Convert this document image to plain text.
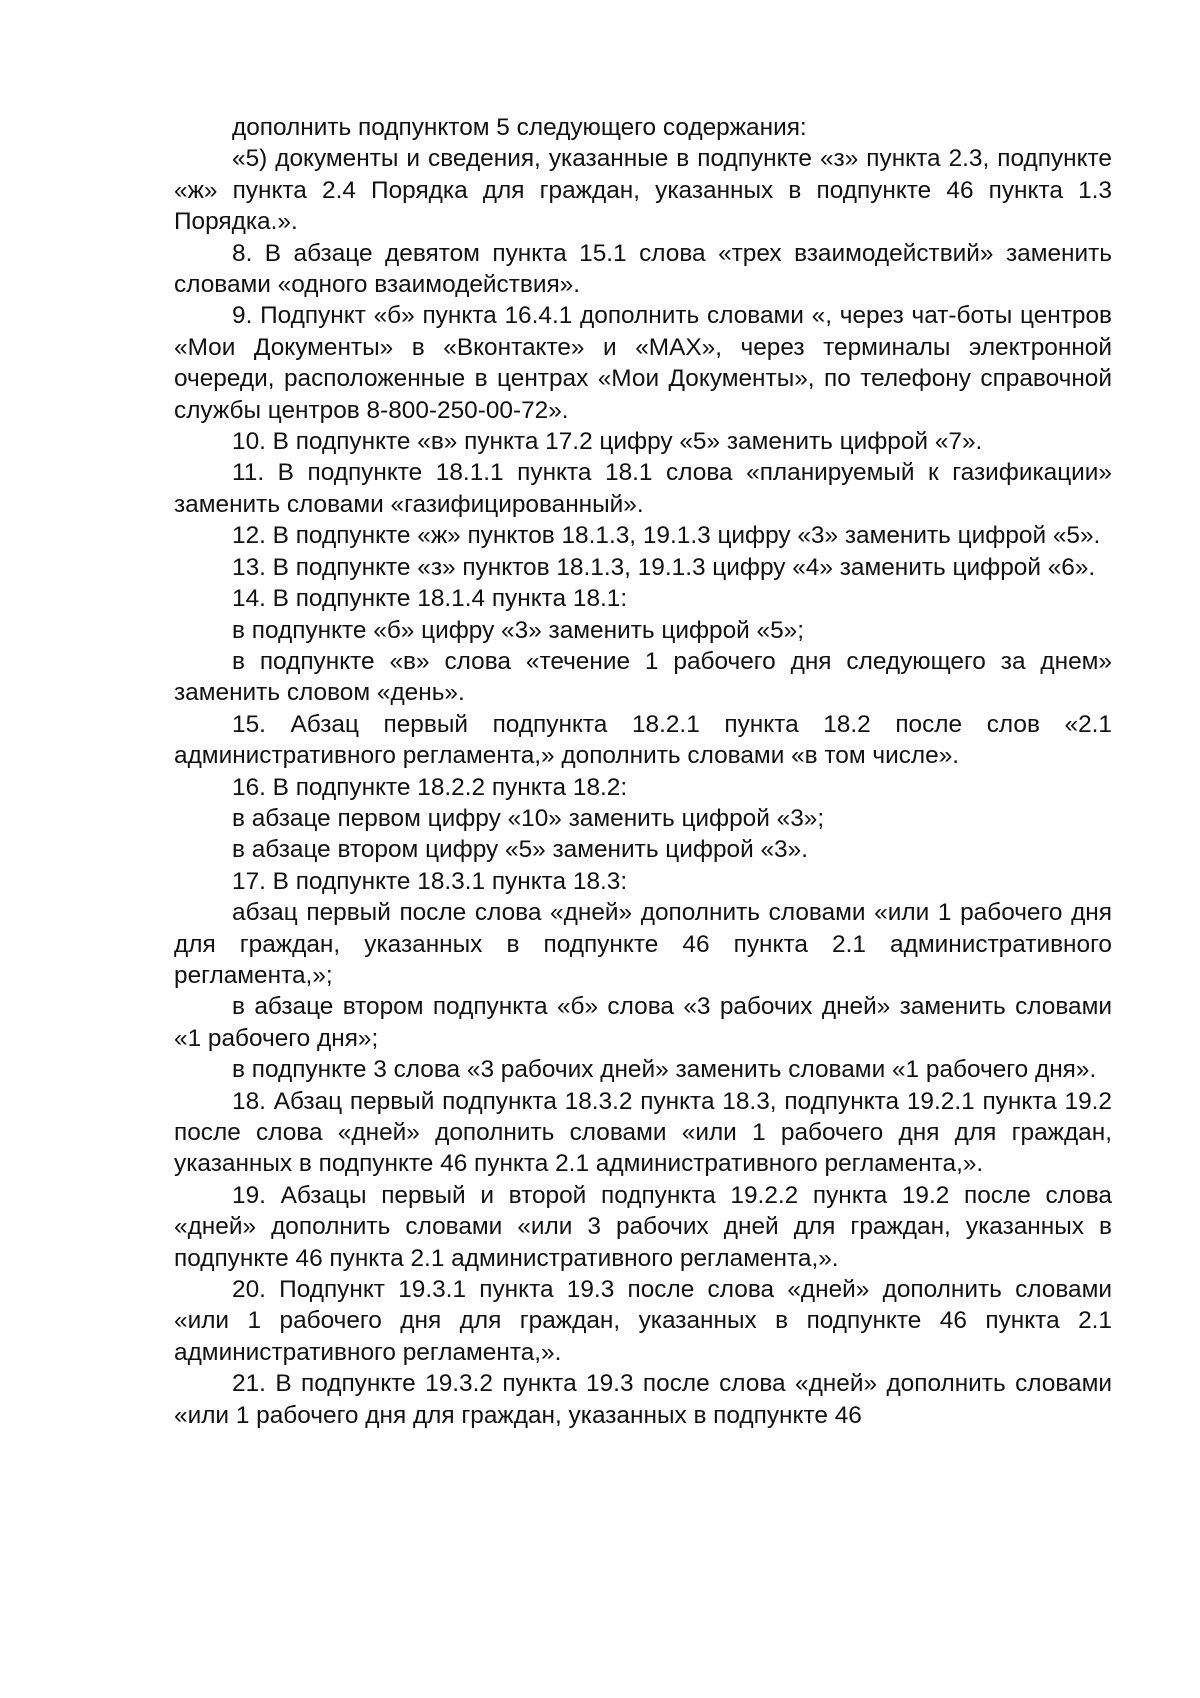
дополнить подпунктом 5 следующего содержания:

«5) документы и сведения, указанные в подпункте «з» пункта 2.3, подпункте «ж» пункта 2.4 Порядка для граждан, указанных в подпункте 46 пункта 1.3 Порядка.».

8. В абзаце девятом пункта 15.1 слова «трех взаимодействий» заменить словами «одного взаимодействия».

9. Подпункт «б» пункта 16.4.1 дополнить словами «, через чат-боты центров «Мои Документы» в «Вконтакте» и «MAX», через терминалы электронной очереди, расположенные в центрах «Мои Документы», по телефону справочной службы центров 8-800-250-00-72».

10. В подпункте «в» пункта 17.2 цифру «5» заменить цифрой «7».

11. В подпункте 18.1.1 пункта 18.1 слова «планируемый к газификации» заменить словами «газифицированный».

12. В подпункте «ж» пунктов 18.1.3, 19.1.3 цифру «3» заменить цифрой «5».

13. В подпункте «з» пунктов 18.1.3, 19.1.3 цифру «4» заменить цифрой «6».

14. В подпункте 18.1.4 пункта 18.1:

в подпункте «б» цифру «3» заменить цифрой «5»;

в подпункте «в» слова «течение 1 рабочего дня следующего за днем» заменить словом «день».

15. Абзац первый подпункта 18.2.1 пункта 18.2 после слов «2.1 административного регламента,» дополнить словами «в том числе».

16. В подпункте 18.2.2 пункта 18.2:

в абзаце первом цифру «10» заменить цифрой «3»;

в абзаце втором цифру «5» заменить цифрой «3».

17. В подпункте 18.3.1 пункта 18.3:

абзац первый после слова «дней» дополнить словами «или 1 рабочего дня для граждан, указанных в подпункте 46 пункта 2.1 административного регламента,»;

в абзаце втором подпункта «б» слова «3 рабочих дней» заменить словами «1 рабочего дня»;

в подпункте 3 слова «3 рабочих дней» заменить словами «1 рабочего дня».

18. Абзац первый подпункта 18.3.2 пункта 18.3, подпункта 19.2.1 пункта 19.2 после слова «дней» дополнить словами «или 1 рабочего дня для граждан, указанных в подпункте 46 пункта 2.1 административного регламента,».

19. Абзацы первый и второй подпункта 19.2.2 пункта 19.2 после слова «дней» дополнить словами «или 3 рабочих дней для граждан, указанных в подпункте 46 пункта 2.1 административного регламента,».

20. Подпункт 19.3.1 пункта 19.3 после слова «дней» дополнить словами «или 1 рабочего дня для граждан, указанных в подпункте 46 пункта 2.1 административного регламента,».

21. В подпункте 19.3.2 пункта 19.3 после слова «дней» дополнить словами «или 1 рабочего дня для граждан, указанных в подпункте 46
